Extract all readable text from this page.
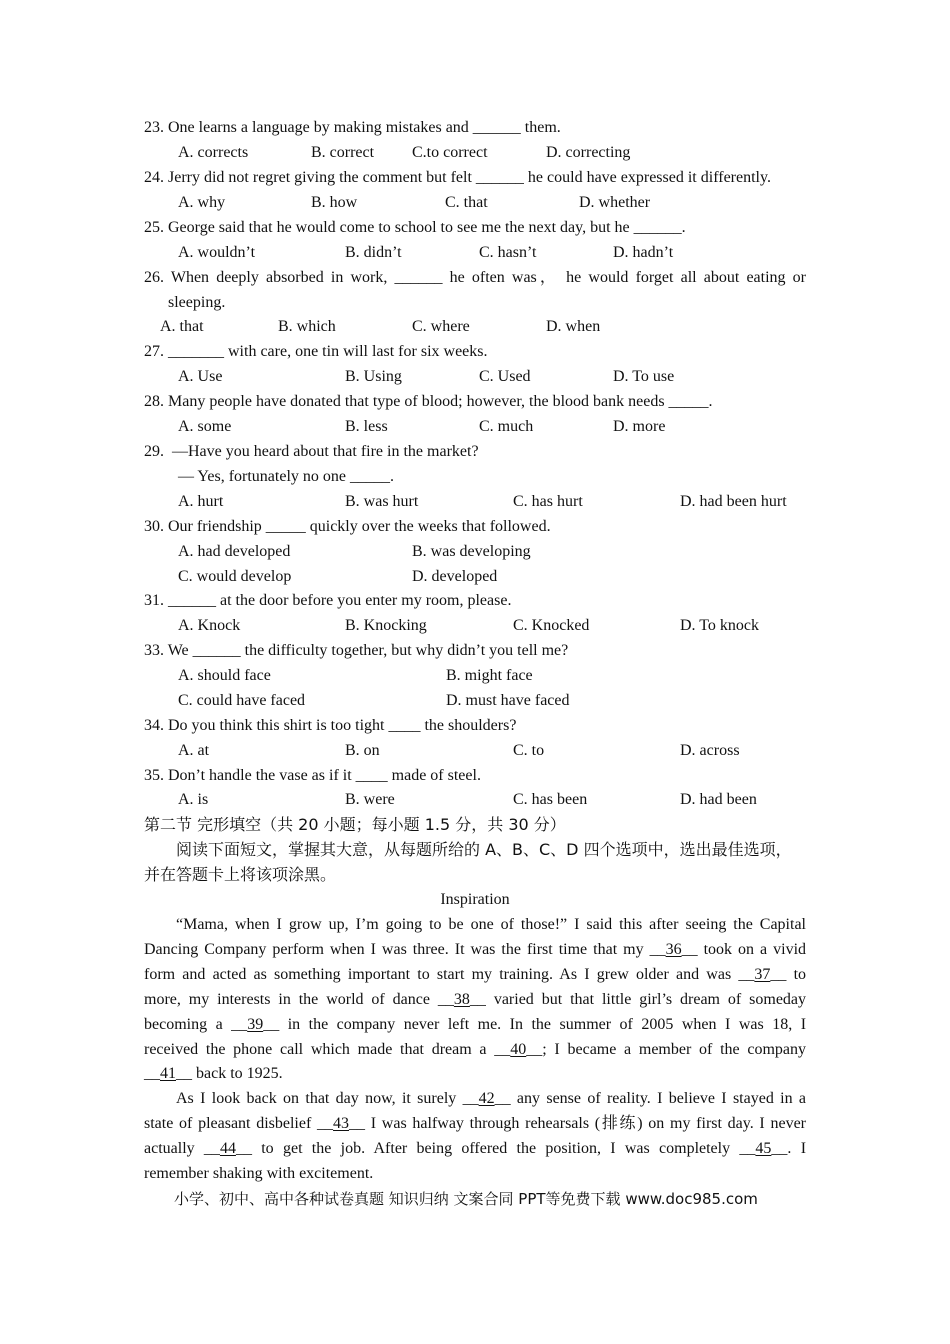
23. One learns a language by making mistakes and ______ them.
A. corrects	B. correct C.to correct	D. correcting
24. Jerry did not regret giving the comment but felt ______ he could have expressed it differently.
A. why	B. how	C. that	D. whether
25. George said that he would come to school to see me the next day, but he ______.
A. wouldn’t	B. didn’t	C. hasn’t	D. hadn’t
26. When deeply absorbed in work, ______ he often was， he would forget all about eating or
sleeping.
A. that	B. which	C. where	D. when
27. _______ with care, one tin will last for six weeks.
A. Use	B. Using	C. Used	D. To use
28. Many people have donated that type of blood; however, the blood bank needs _____.
A. some	B. less	C. much	D. more
29.  —Have you heard about that fire in the market?
— Yes, fortunately no one _____.
A. hurt	B. was hurt	C. has hurt	D. had been hurt
30. Our friendship _____ quickly over the weeks that followed.
A. had developed	B. was developing
C. would develop	D. developed
31. ______ at the door before you enter my room, please.
A. Knock	B. Knocking	C. Knocked	D. To knock
33. We ______ the difficulty together, but why didn’t you tell me?
A. should face	B. might face
C. could have faced	D. must have faced
34. Do you think this shirt is too tight ____ the shoulders?
A. at	B. on	C. to	D. across
35. Don’t handle the vase as if it ____ made of steel.
A. is	B. were	C. has been	D. had been
第二节 完形填空（共 20 小题；每小题 1.5 分，共 30 分）
阅读下面短文，掌握其大意，从每题所给的 A、B、C、D 四个选项中，选出最佳选项，
并在答题卡上将该项涂黑。
Inspiration
“Mama, when I grow up, I’m going to be one of those!” I said this after seeing the Capital
Dancing Company perform when I was three. It was the first time that my __36__ took on a vivid
form and acted as something important to start my training. As I grew older and was __37__ to
more, my interests in the world of dance __38__ varied but that little girl’s dream of someday
becoming a __39__ in the company never left me. In the summer of 2005 when I was 18, I
received the phone call which made that dream a __40__; I became a member of the company
__41__ back to 1925.
As I look back on that day now, it surely __42__ any sense of reality. I believe I stayed in a
state of pleasant disbelief __43__ I was halfway through rehearsals (排练) on my first day. I never
actually __44__ to get the job. After being offered the position, I was completely __45__. I
remember shaking with excitement.
小学、初中、高中各种试卷真题 知识归纳 文案合同 PPT等免费下载 www.doc985.com
